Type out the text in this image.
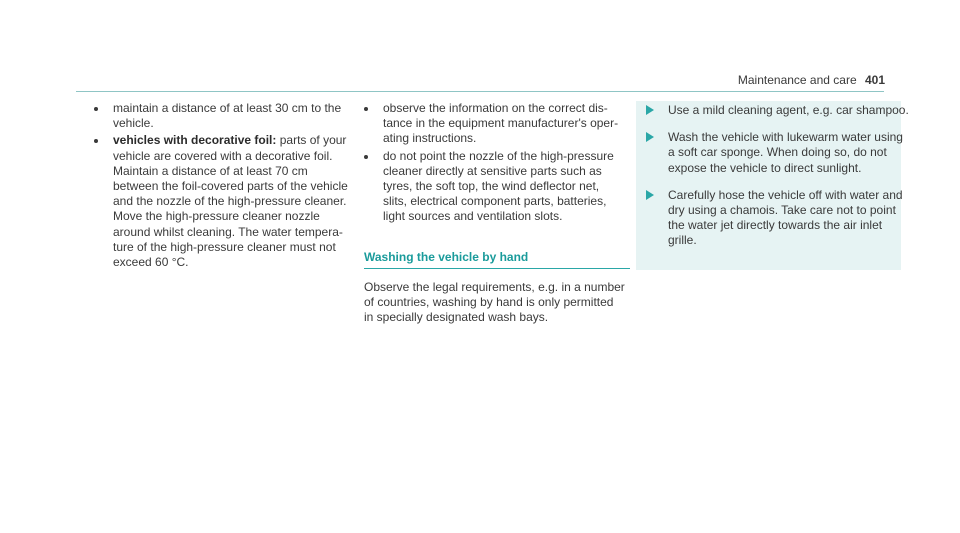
Maintenance and care 401
maintain a distance of at least 30 cm to the
vehicle.
vehicles with decorative foil: parts of your
vehicle are covered with a decorative foil.
Maintain a distance of at least 70 cm
between the foil-covered parts of the vehicle
and the nozzle of the high-pressure cleaner.
Move the high-pressure cleaner nozzle
around whilst cleaning. The water tempera-
ture of the high-pressure cleaner must not
exceed 60 °C.
observe the information on the correct dis-
tance in the equipment manufacturer's oper-
ating instructions.
do not point the nozzle of the high-pressure
cleaner directly at sensitive parts such as
tyres, the soft top, the wind deflector net,
slits, electrical component parts, batteries,
light sources and ventilation slots.
Washing the vehicle by hand
Observe the legal requirements, e.g. in a number
of countries, washing by hand is only permitted
in specially designated wash bays.
Use a mild cleaning agent, e.g. car shampoo.
Wash the vehicle with lukewarm water using
a soft car sponge. When doing so, do not
expose the vehicle to direct sunlight.
Carefully hose the vehicle off with water and
dry using a chamois. Take care not to point
the water jet directly towards the air inlet
grille.
